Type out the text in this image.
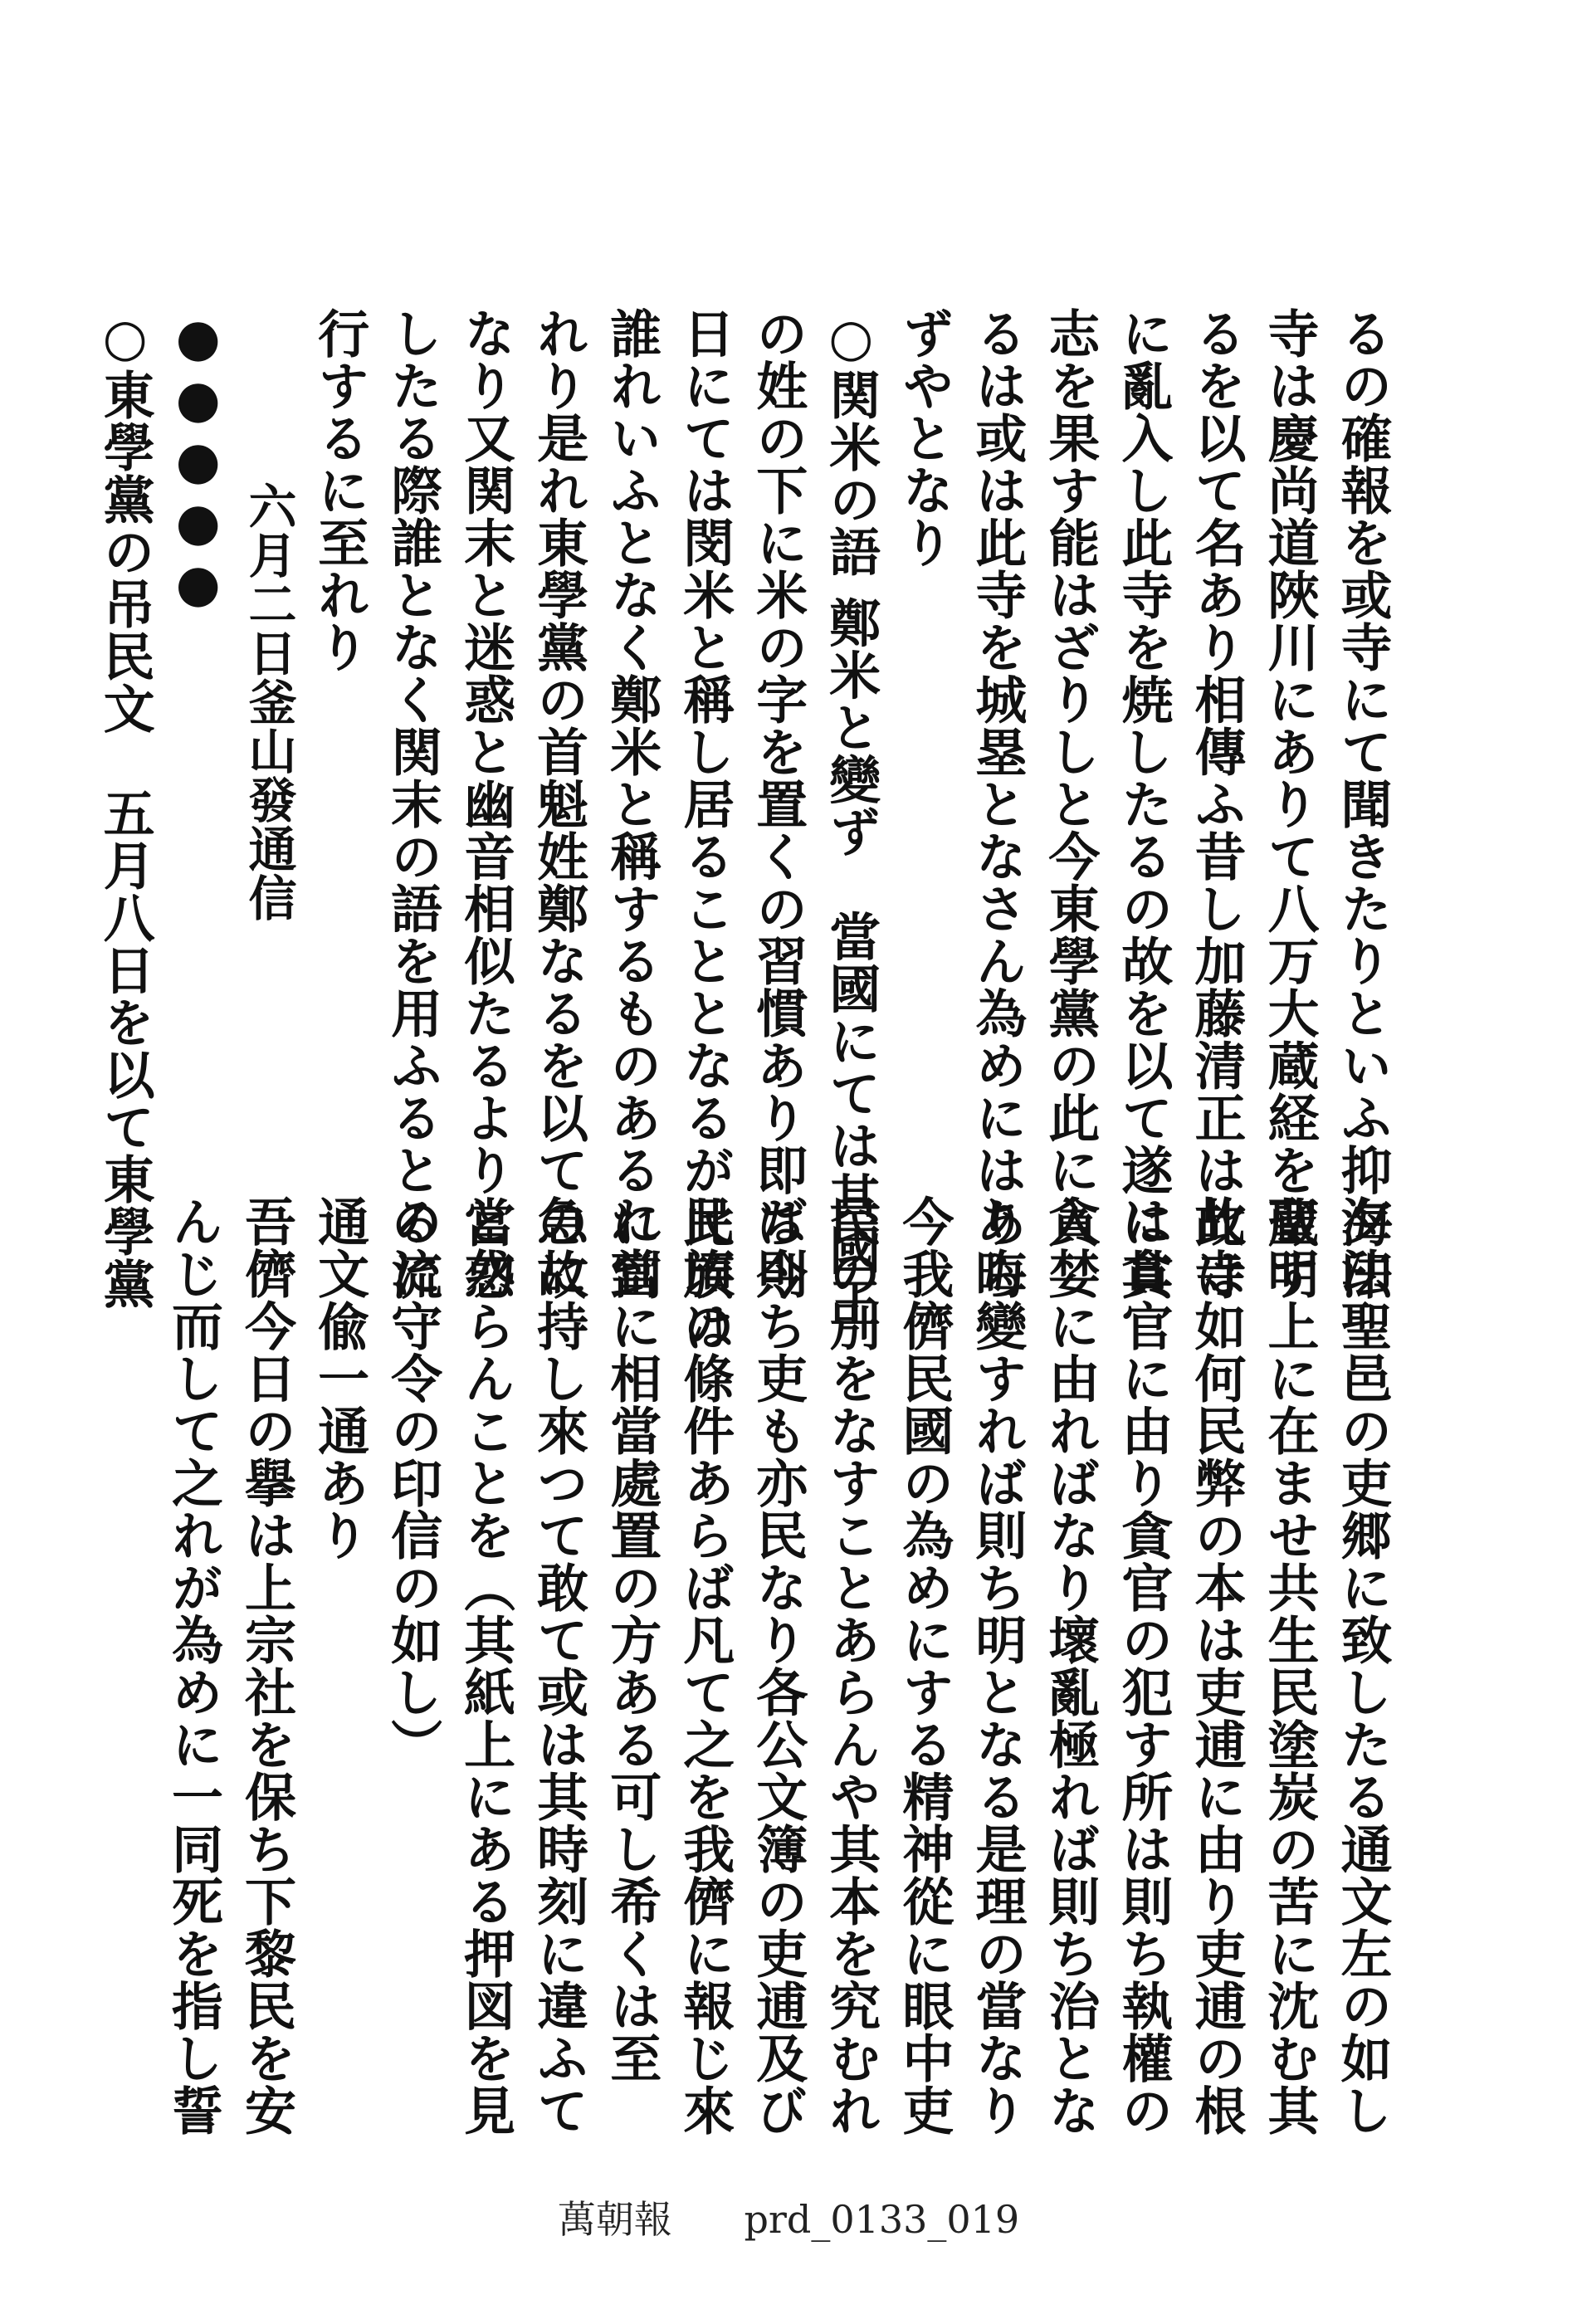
るの確報を或寺にて聞きたりといふ抑海印
寺は慶尚道陜川にありて八万大蔵経を蔵す
るを以て名あり相傳ふ昔し加藤清正は此寺
に亂入し此寺を焼したるの故を以て遂に其
志を果す能はざりしと今東學黨の此に入
るは或は此寺を城塁となさん為めにはあら
ずやとなり
○関米の語 鄭米と變ず　當國にては其國王
の姓の下に米の字を置くの習慣あり即ち今
日にては閔米と稱し居ることとなるが此頃は
誰れいふとなく鄭米と稱するものあるに到
れり是れ東學黨の首魁姓鄭なるを以ての故
なり又関末と迷惑と幽音相似たるより當惑
したる際誰となく関末の語を用ふるとの流
行するに至れり
六月二日釜山發通信
●●●●●
○東學黨の吊民文　五月八日を以て東學黨
夕法聖邑の吏郷に致したる通文左の如し
聖明上に在ませ共生民塗炭の苦に沈む其
故は如何民弊の本は吏逋に由り吏逋の根
は貪官に由り貪官の犯す所は則ち執權の
貪婪に由ればなり壞亂極れば則ち治とな
り晦變すれば則ち明となる是理の當なり
今我儕民國の為めにする精神從に眼中吏
民の別をなすことあらんや其本を究むれ
ば則ち吏も亦民なり各公文簿の吏逋及び
民族の條件あらば凡て之を我儕に報じ來
れ當に相當處置の方ある可し希くは至
急に持し來つて敢て或は其時刻に違ふて
と勿らんことを（其紙上にある押図を見
るに守令の印信の如し）
通文偸一通あり
吾儕今日の擧は上宗社を保ち下黎民を安
んじ而して之れが為めに一同死を指し誓
萬朝報 prd_0133_019
